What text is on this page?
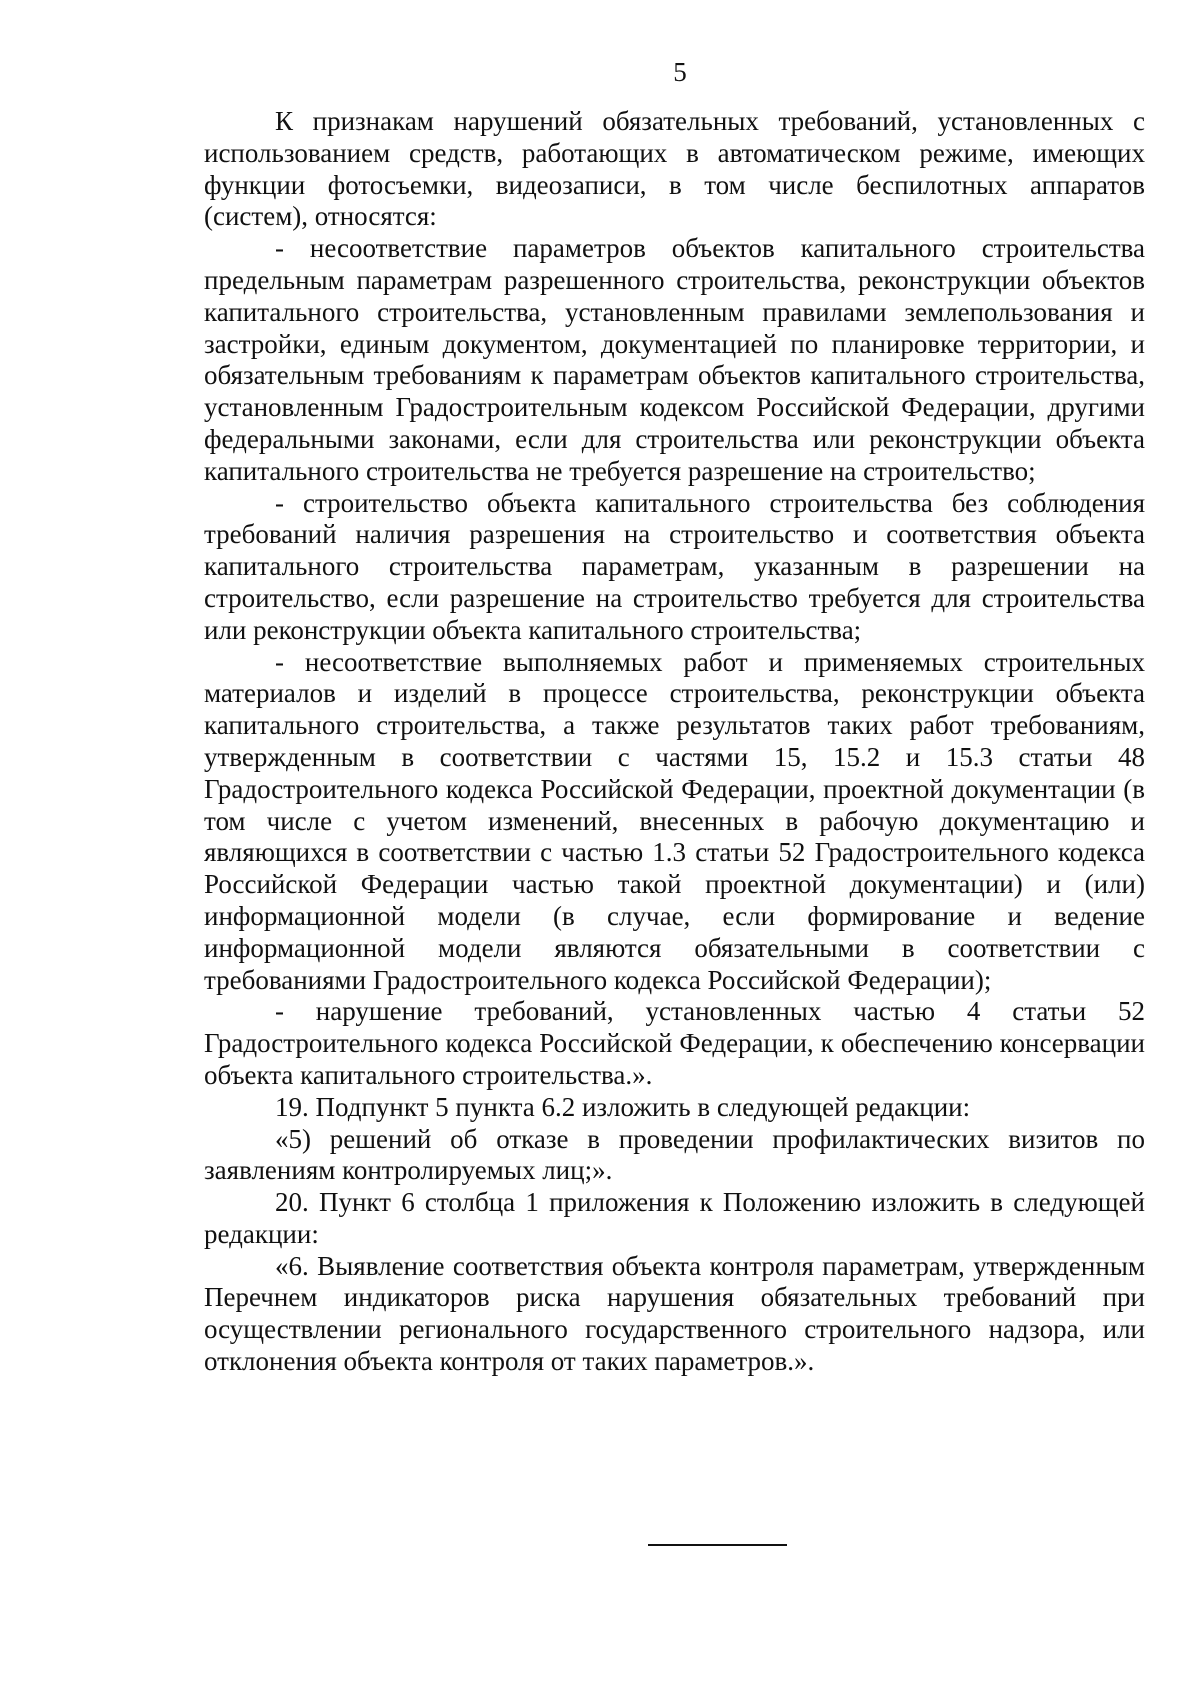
5

К признакам нарушений обязательных требований, установленных с использованием средств, работающих в автоматическом режиме, имеющих функции фотосъемки, видеозаписи, в том числе беспилотных аппаратов (систем), относятся:

- несоответствие параметров объектов капитального строительства предельным параметрам разрешенного строительства, реконструкции объектов капитального строительства, установленным правилами землепользования и застройки, единым документом, документацией по планировке территории, и обязательным требованиям к параметрам объектов капитального строительства, установленным Градостроительным кодексом Российской Федерации, другими федеральными законами, если для строительства или реконструкции объекта капитального строительства не требуется разрешение на строительство;

- строительство объекта капитального строительства без соблюдения требований наличия разрешения на строительство и соответствия объекта капитального строительства параметрам, указанным в разрешении на строительство, если разрешение на строительство требуется для строительства или реконструкции объекта капитального строительства;

- несоответствие выполняемых работ и применяемых строительных материалов и изделий в процессе строительства, реконструкции объекта капитального строительства, а также результатов таких работ требованиям, утвержденным в соответствии с частями 15, 15.2 и 15.3 статьи 48 Градостроительного кодекса Российской Федерации, проектной документации (в том числе с учетом изменений, внесенных в рабочую документацию и являющихся в соответствии с частью 1.3 статьи 52 Градостроительного кодекса Российской Федерации частью такой проектной документации) и (или) информационной модели (в случае, если формирование и ведение информационной модели являются обязательными в соответствии с требованиями Градостроительного кодекса Российской Федерации);

- нарушение требований, установленных частью 4 статьи 52 Градостроительного кодекса Российской Федерации, к обеспечению консервации объекта капитального строительства.».

19. Подпункт 5 пункта 6.2 изложить в следующей редакции:

«5) решений об отказе в проведении профилактических визитов по заявлениям контролируемых лиц;».

20. Пункт 6 столбца 1 приложения к Положению изложить в следующей редакции:

«6. Выявление соответствия объекта контроля параметрам, утвержденным Перечнем индикаторов риска нарушения обязательных требований при осуществлении регионального государственного строительного надзора, или отклонения объекта контроля от таких параметров.».
